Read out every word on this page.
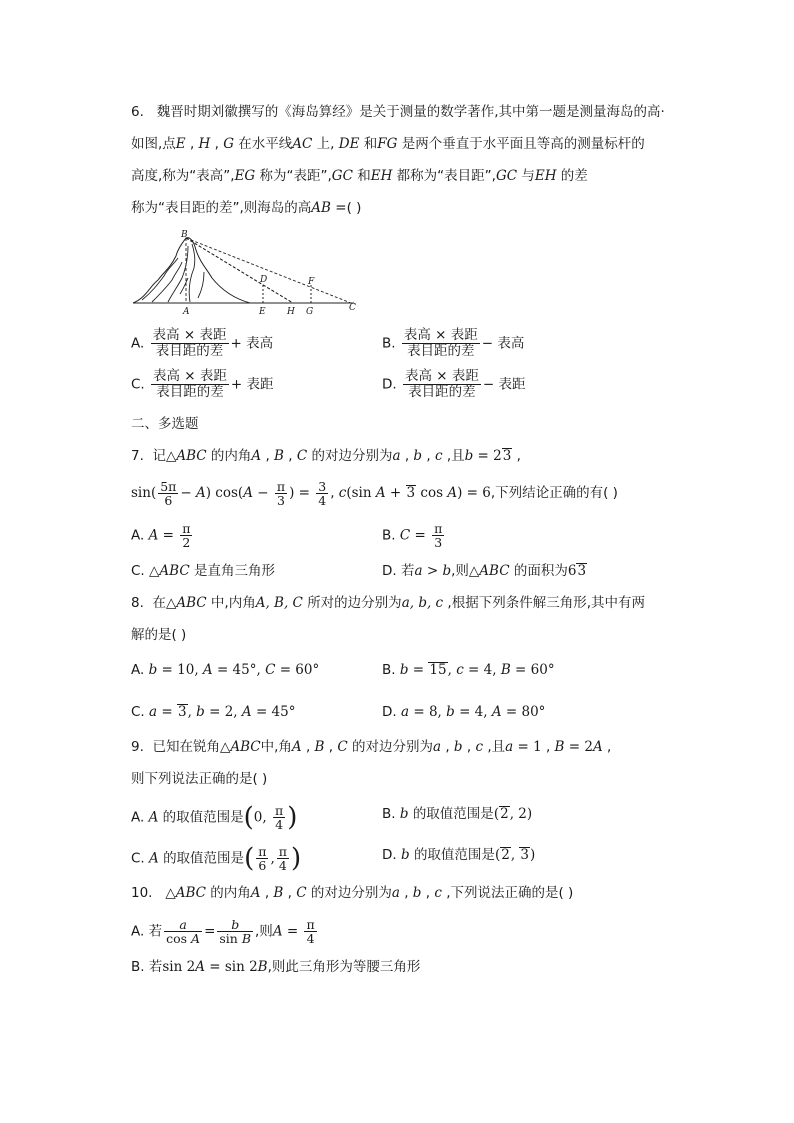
6. 魏晋时期刘徽撰写的《海岛算经》是关于测量的数学著作,其中第一题是测量海岛的高·
如图,点E , H , G 在水平线AC 上, DE 和FG 是两个垂直于水平面且等高的测量标杆的
高度,称为“表高”,EG 称为“表距”,GC 和EH 都称为“表目距”,GC 与EH 的差
称为“表目距的差”,则海岛的高AB =( )
B
D	F
A	E H G	C
A. $\frac{\text{表高 × 表距}}{\text{表目距的差}}$ + 表高	B. $\frac{\text{表高 × 表距}}{\text{表目距的差}}$ − 表高
C. $\frac{\text{表高 × 表距}}{\text{表目距的差}}$ + 表距	D. $\frac{\text{表高 × 表距}}{\text{表目距的差}}$ − 表距
二、多选题
7. 记△ABC 的内角A , B , C 的对边分别为a , b , c ,且b = 23 ,
$\sin( \frac{5\pi}{6} - A)$ $\cos(A - \frac{\pi}{3}$ ) = $\frac{3}{4}$ , c(sin A + 3 cos A) = 6,下列结论正确的有( )
A. $A = \frac{\pi}{2}$	B. $C = \frac{\pi}{3}$
C. △ABC 是直角三角形	D. 若a > b,则△ABC 的面积为63
8. 在△ABC 中,内角A, B, C 所对的边分别为a, b, c ,根据下列条件解三角形,其中有两
解的是( )
A. b = 10, A = 45°, C = 60°	B. b = 15, c = 4, B = 60°
C. a = 3, b = 2, A = 45°	D. a = 8, b = 4, A = 80°
9. 已知在锐角△ABC中,角A , B , C 的对边分别为a , b , c ,且a = 1 , B = 2A ,
则下列说法正确的是( )
A. A 的取值范围是(0, $\frac{\pi}{4}$ )	B. b 的取值范围是(2, 2)
C. A 的取值范围是( $\frac{\pi}{6}$ , $\frac{\pi}{4}$ )	D. b 的取值范围是(2, 3)
10. △ABC 的内角A , B , C 的对边分别为a , b , c ,下列说法正确的是( )
A. 若 $\frac{a}{\text{cos A}} = \frac{b}{\text{sin B}}$ ,则$A = \frac{\pi}{4}$
B. 若sin 2A = sin 2B,则此三角形为等腰三角形
